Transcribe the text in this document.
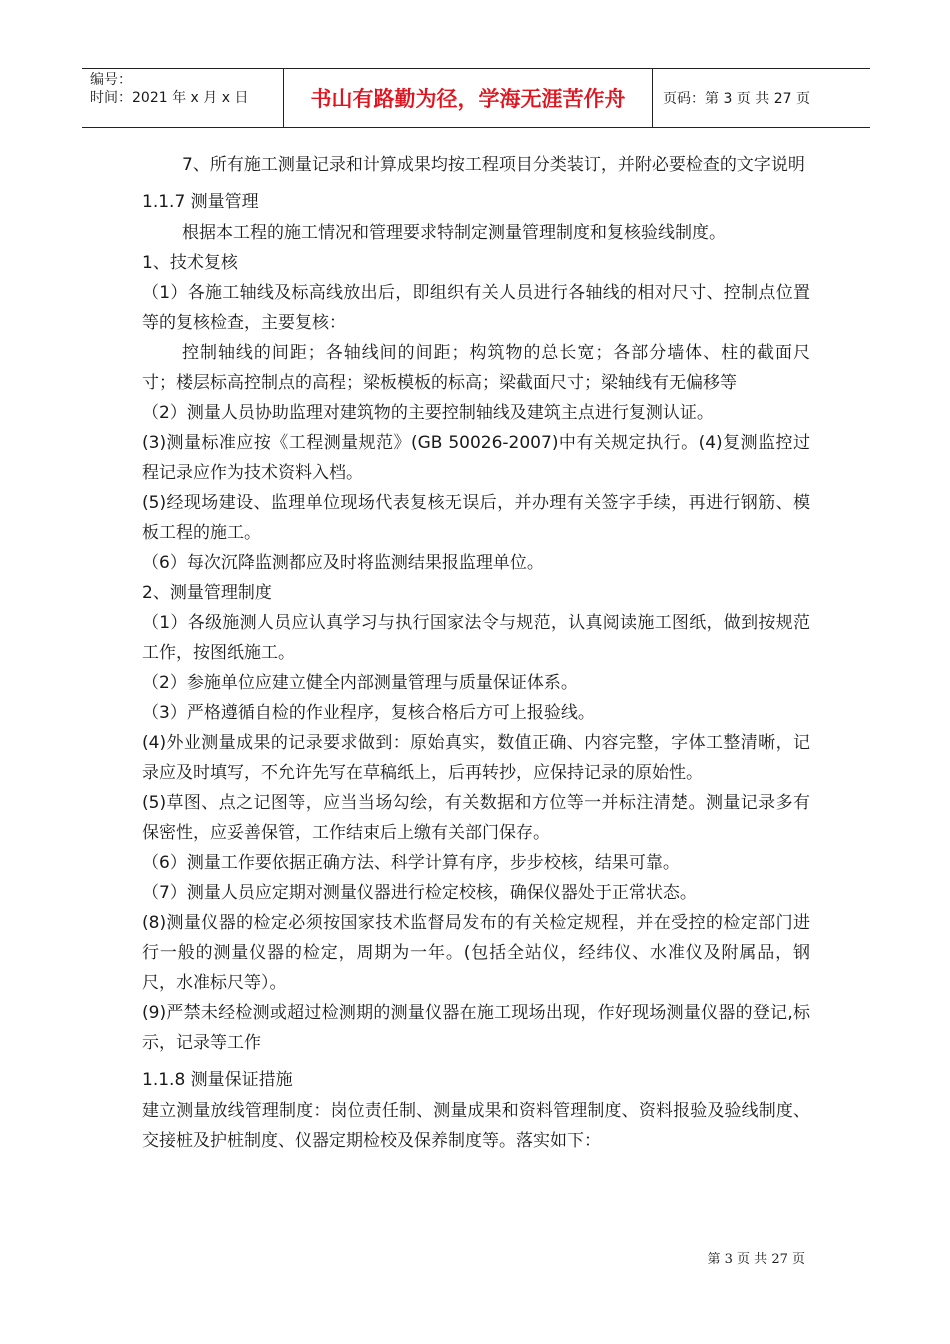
编号：
时间：2021 年 x 月 x 日	书山有路勤为径，学海无涯苦作舟	页码：第 3 页 共 27 页

7、所有施工测量记录和计算成果均按工程项目分类装订，并附必要检查的文字说明

1.1.7 测量管理

根据本工程的施工情况和管理要求特制定测量管理制度和复核验线制度。

1、技术复核

（1）各施工轴线及标高线放出后，即组织有关人员进行各轴线的相对尺寸、控制点位置等的复核检查，主要复核：

控制轴线的间距；各轴线间的间距；构筑物的总长宽；各部分墙体、柱的截面尺寸；楼层标高控制点的高程；梁板模板的标高；梁截面尺寸；梁轴线有无偏移等

（2）测量人员协助监理对建筑物的主要控制轴线及建筑主点进行复测认证。

(3)测量标准应按《工程测量规范》(GB 50026-2007)中有关规定执行。(4)复测监控过程记录应作为技术资料入档。

(5)经现场建设、监理单位现场代表复核无误后，并办理有关签字手续，再进行钢筋、模板工程的施工。

（6）每次沉降监测都应及时将监测结果报监理单位。

2、测量管理制度

（1）各级施测人员应认真学习与执行国家法令与规范，认真阅读施工图纸，做到按规范工作，按图纸施工。

（2）参施单位应建立健全内部测量管理与质量保证体系。

（3）严格遵循自检的作业程序，复核合格后方可上报验线。

(4)外业测量成果的记录要求做到：原始真实，数值正确、内容完整，字体工整清晰，记录应及时填写，不允许先写在草稿纸上，后再转抄，应保持记录的原始性。

(5)草图、点之记图等，应当当场勾绘，有关数据和方位等一并标注清楚。测量记录多有保密性，应妥善保管，工作结束后上缴有关部门保存。

（6）测量工作要依据正确方法、科学计算有序，步步校核，结果可靠。

（7）测量人员应定期对测量仪器进行检定校核，确保仪器处于正常状态。

(8)测量仪器的检定必须按国家技术监督局发布的有关检定规程，并在受控的检定部门进行一般的测量仪器的检定，周期为一年。(包括全站仪，经纬仪、水准仪及附属品，钢尺，水准标尺等）。

(9)严禁未经检测或超过检测期的测量仪器在施工现场出现，作好现场测量仪器的登记,标示，记录等工作

1.1.8 测量保证措施

建立测量放线管理制度：岗位责任制、测量成果和资料管理制度、资料报验及验线制度、交接桩及护桩制度、仪器定期检校及保养制度等。落实如下：

第 3 页 共 27 页
